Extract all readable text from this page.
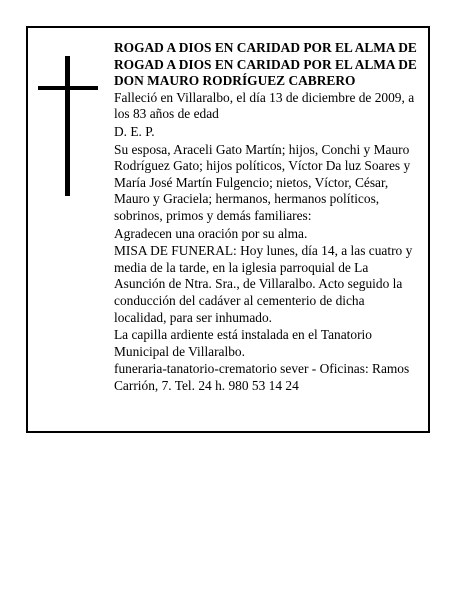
ROGAD A DIOS EN CARIDAD POR EL ALMA DE ROGAD A DIOS EN CARIDAD POR EL ALMA DE

DON MAURO RODRÍGUEZ CABRERO

Falleció en Villaralbo, el día 13 de diciembre de 2009, a los 83 años de edad

D. E. P.

Su esposa, Araceli Gato Martín; hijos, Conchi y Mauro Rodríguez Gato; hijos políticos, Víctor Da luz Soares y María José Martín Fulgencio; nietos, Víctor, César, Mauro y Graciela; hermanos, hermanos políticos, sobrinos, primos y demás familiares:

Agradecen una oración por su alma.

MISA DE FUNERAL: Hoy lunes, día 14, a las cuatro y media de la tarde, en la iglesia parroquial de La Asunción de Ntra. Sra., de Villaralbo. Acto seguido la conducción del cadáver al cementerio de dicha localidad, para ser inhumado.

La capilla ardiente está instalada en el Tanatorio Municipal de Villaralbo.

funeraria-tanatorio-crematorio sever - Oficinas: Ramos Carrión, 7. Tel. 24 h. 980 53 14 24
